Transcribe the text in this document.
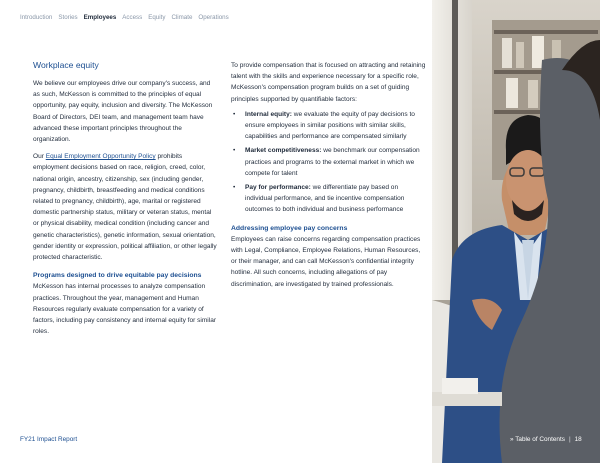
Introduction Stories Employees Access Equity Climate Operations
Workplace equity

We believe our employees drive our company's success, and as such, McKesson is committed to the principles of equal opportunity, pay equity, inclusion and diversity. The McKesson Board of Directors, DEI team, and management team have advanced these important principles throughout the organization.

Our Equal Employment Opportunity Policy prohibits employment decisions based on race, religion, creed, color, national origin, ancestry, citizenship, sex (including gender, pregnancy, childbirth, breastfeeding and medical conditions related to pregnancy, childbirth), age, marital or registered domestic partnership status, military or veteran status, mental or physical disability, medical condition (including cancer and genetic characteristics), genetic information, sexual orientation, gender identity or expression, political affiliation, or other legally protected characteristic.

Programs designed to drive equitable pay decisions

McKesson has internal processes to analyze compensation practices. Throughout the year, management and Human Resources regularly evaluate compensation for a variety of factors, including pay consistency and internal equity for similar roles.

To provide compensation that is focused on attracting and retaining talent with the skills and experience necessary for a specific role, McKesson's compensation program builds on a set of guiding principles supported by quantifiable factors:

• Internal equity: we evaluate the equity of pay decisions to ensure employees in similar positions with similar skills, capabilities and performance are compensated similarly
• Market competitiveness: we benchmark our compensation practices and programs to the external market in which we compete for talent
• Pay for performance: we differentiate pay based on individual performance, and tie incentive compensation outcomes to both individual and business performance
Addressing employee pay concerns

Employees can raise concerns regarding compensation practices with Legal, Compliance, Employee Relations, Human Resources, or their manager, and can call McKesson's confidential integrity hotline. All such concerns, including allegations of pay discrimination, are investigated by trained professionals.

FY21 Impact Report	» Table of Contents | 18
